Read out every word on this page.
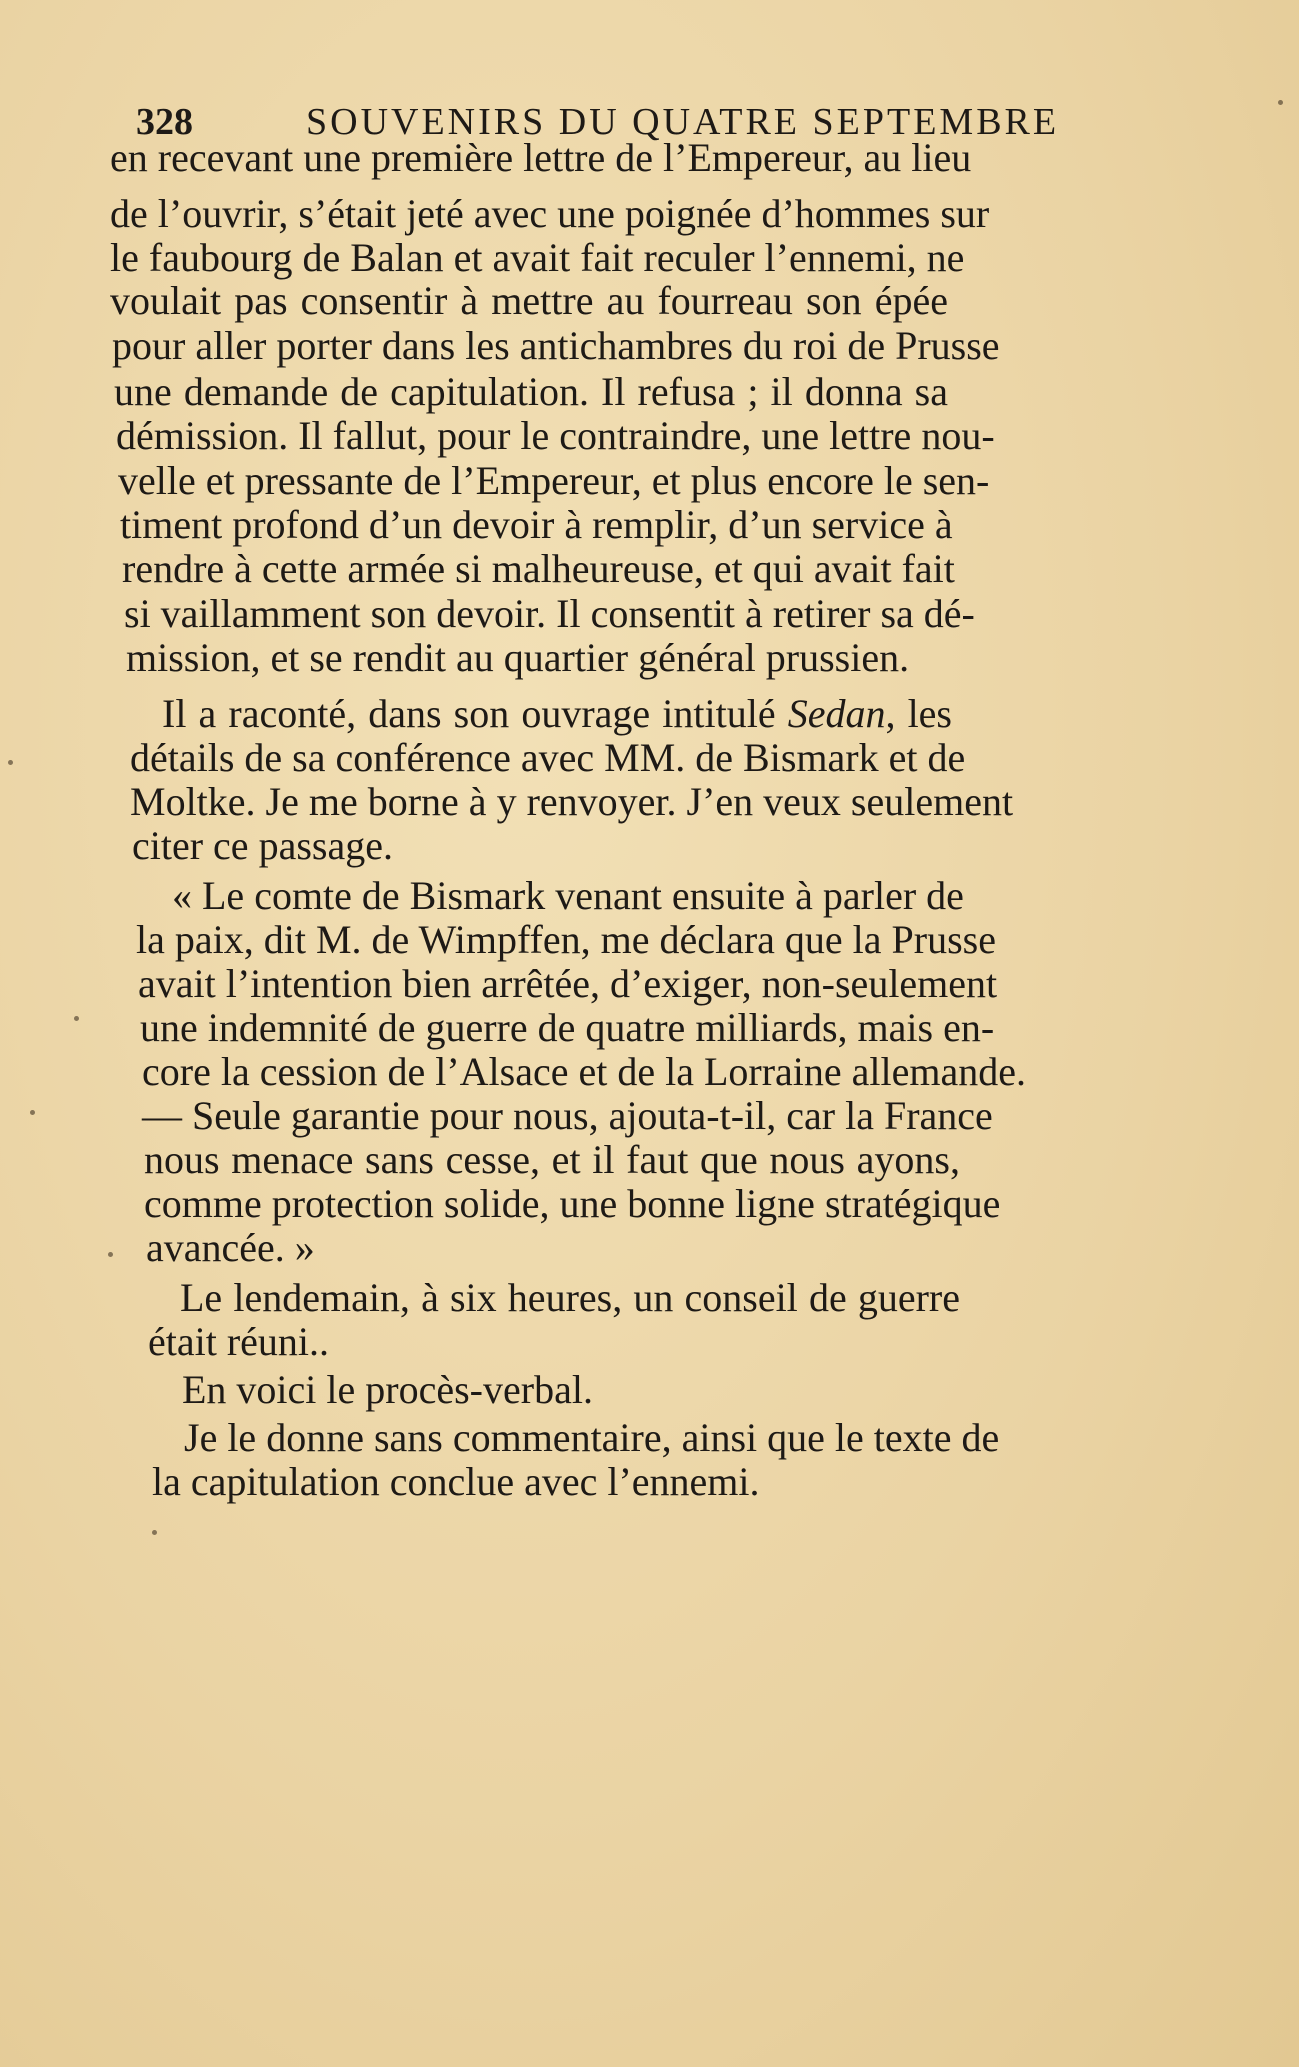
328	SOUVENIRS DU QUATRE SEPTEMBRE
en recevant une première lettre de l’Empereur, au lieu
de l’ouvrir, s’était jeté avec une poignée d’hommes sur
le faubourg de Balan et avait fait reculer l’ennemi, ne
voulait pas consentir à mettre au fourreau son épée
pour aller porter dans les antichambres du roi de Prusse
une demande de capitulation. Il refusa ; il donna sa
démission. Il fallut, pour le contraindre, une lettre nou-
velle et pressante de l’Empereur, et plus encore le sen-
timent profond d’un devoir à remplir, d’un service à
rendre à cette armée si malheureuse, et qui avait fait
si vaillamment son devoir. Il consentit à retirer sa dé-
mission, et se rendit au quartier général prussien.
Il a raconté, dans son ouvrage intitulé Sedan, les
détails de sa conférence avec MM. de Bismark et de
Moltke. Je me borne à y renvoyer. J’en veux seulement
citer ce passage.
« Le comte de Bismark venant ensuite à parler de
la paix, dit M. de Wimpffen, me déclara que la Prusse
avait l’intention bien arrêtée, d’exiger, non-seulement
une indemnité de guerre de quatre milliards, mais en-
core la cession de l’Alsace et de la Lorraine allemande.
— Seule garantie pour nous, ajouta-t-il, car la France
nous menace sans cesse, et il faut que nous ayons,
comme protection solide, une bonne ligne stratégique
avancée. »
Le lendemain, à six heures, un conseil de guerre
était réuni..
En voici le procès-verbal.
Je le donne sans commentaire, ainsi que le texte de
la capitulation conclue avec l’ennemi.
